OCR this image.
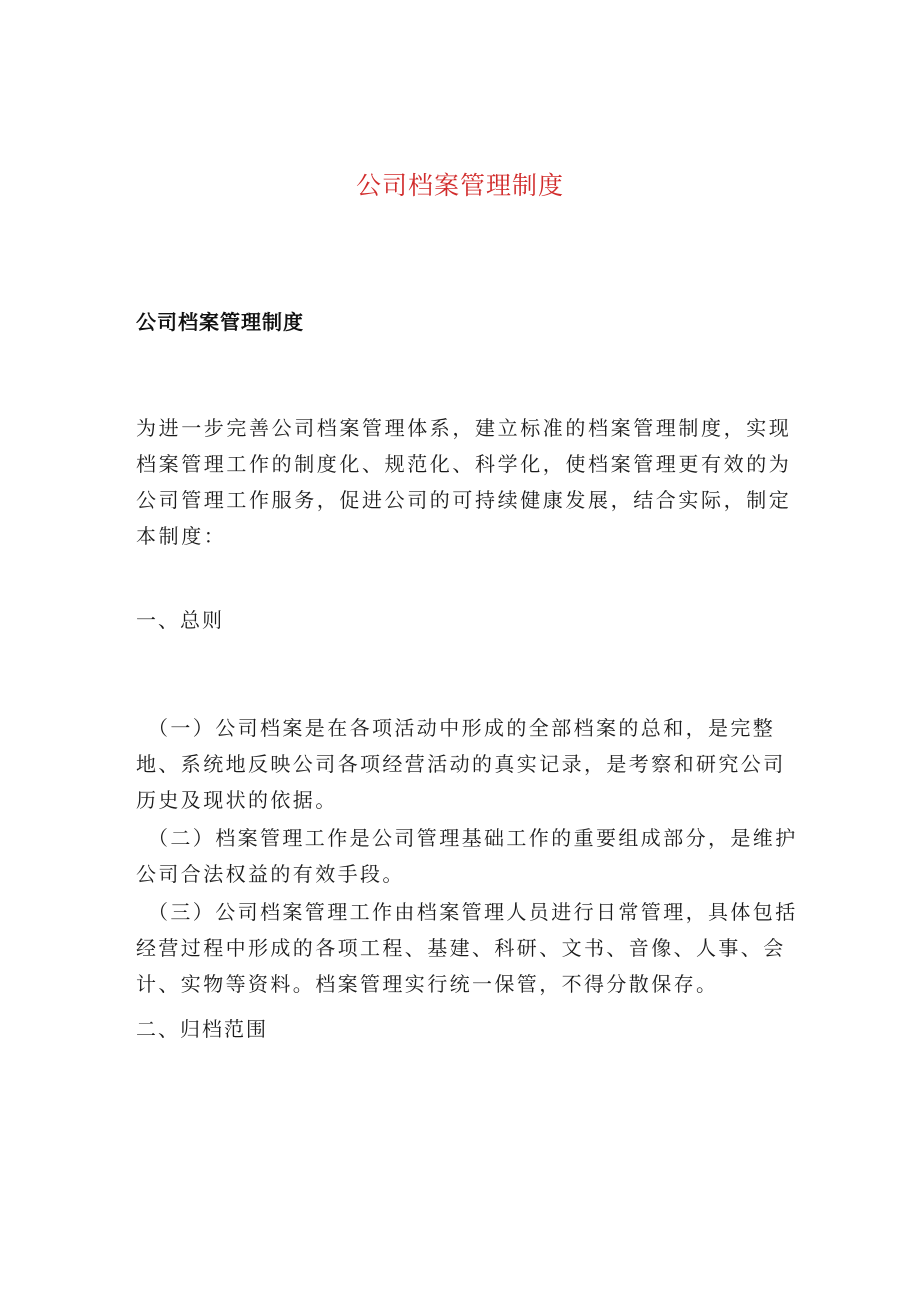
公司档案管理制度
公司档案管理制度

为进一步完善公司档案管理体系，建立标准的档案管理制度，实现档案管理工作的制度化、规范化、科学化，使档案管理更有效的为公司管理工作服务，促进公司的可持续健康发展，结合实际，制定本制度：

一、总则

（一）公司档案是在各项活动中形成的全部档案的总和，是完整地、系统地反映公司各项经营活动的真实记录，是考察和研究公司历史及现状的依据。

（二）档案管理工作是公司管理基础工作的重要组成部分，是维护公司合法权益的有效手段。

（三）公司档案管理工作由档案管理人员进行日常管理，具体包括经营过程中形成的各项工程、基建、科研、文书、音像、人事、会计、实物等资料。档案管理实行统一保管，不得分散保存。

二、归档范围
